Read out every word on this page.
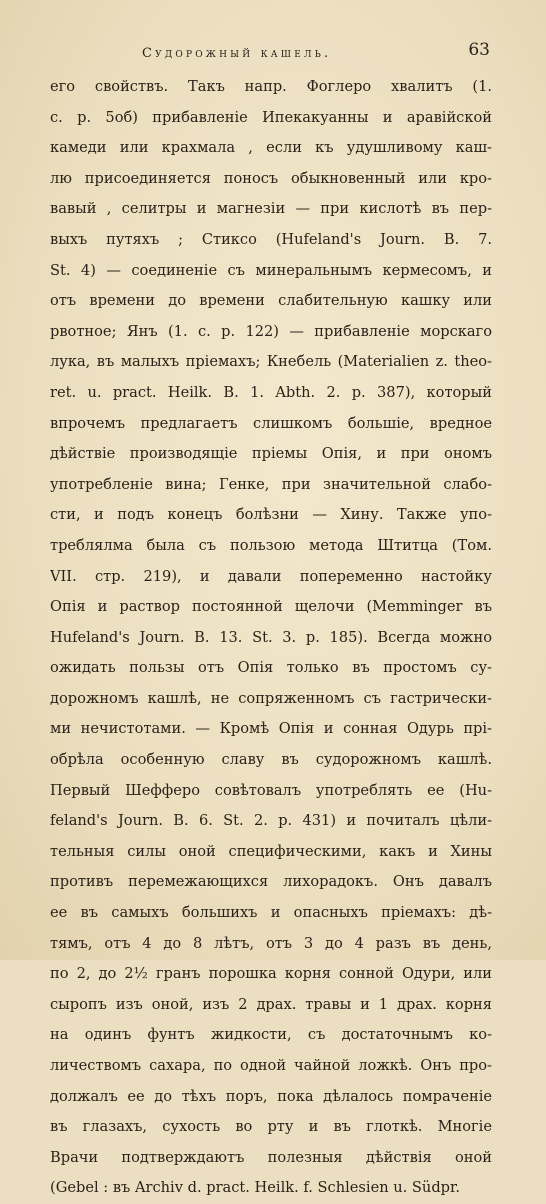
Судорожный кашель.	63
его свойствъ. Такъ напр. Фоглеро хвалитъ (1.
с. р. 5об) прибавленіе Ипекакуанны и аравійской
камеди или крахмала , если къ удушливому каш-
лю присоединяется поносъ обыкновенный или кро-
вавый , селитры и магнезіи — при кислотѣ въ пер-
выхъ путяхъ ; Стиксо (Hufeland's Journ. B. 7.
St. 4) — соединеніе съ минеральнымъ кермесомъ, и
отъ времени до времени слабительную кашку или
рвотное; Янъ (1. с. р. 122) — прибавленіе морскаго
лука, въ малыхъ пріемахъ; Кнебель (Materialien z. theo-
ret. u. pract. Heilk. B. 1. Abth. 2. p. 387), который
впрочемъ предлагаетъ слишкомъ большіе, вредное
дѣйствіе производящіе пріемы Опія, и при ономъ
употребленіе вина; Генке, при значительной слабо-
сти, и подъ конецъ болѣзни — Хину. Также упо-
треблялма была съ пользою метода Штитца (Том.
VII. стр. 219), и давали попеременно настойку
Опія и раствор постоянной щелочи (Memminger въ
Hufeland's Journ. B. 13. St. 3. p. 185). Всегда можно
ожидать пользы отъ Опія только въ простомъ су-
дорожномъ кашлѣ, не сопряженномъ съ гастрически-
ми нечистотами. — Кромѣ Опія и сонная Одурь прі-
обрѣла особенную славу въ судорожномъ кашлѣ.
Первый Шефферо совѣтовалъ употреблять ее (Hu-
feland's Journ. B. 6. St. 2. p. 431) и почиталъ цѣли-
тельныя силы оной специфическими, какъ и Хины
противъ перемежающихся лихорадокъ. Онъ давалъ
ее въ самыхъ большихъ и опасныхъ пріемахъ: дѣ-
тямъ, отъ 4 до 8 лѣтъ, отъ 3 до 4 разъ въ день,
по 2, до 2½ гранъ порошка корня сонной Одури, или
сыропъ изъ оной, изъ 2 драх. травы и 1 драх. корня
на одинъ фунтъ жидкости, съ достаточнымъ ко-
личествомъ сахара, по одной чайной ложкѣ. Онъ про-
должалъ ее до тѣхъ поръ, пока дѣлалось помраченіе
въ глазахъ, сухость во рту и въ глоткѣ. Многіе
Врачи подтверждаютъ полезныя дѣйствія оной
(Gebel : въ Archiv d. pract. Heilk. f. Schlesien u. Südpr.
